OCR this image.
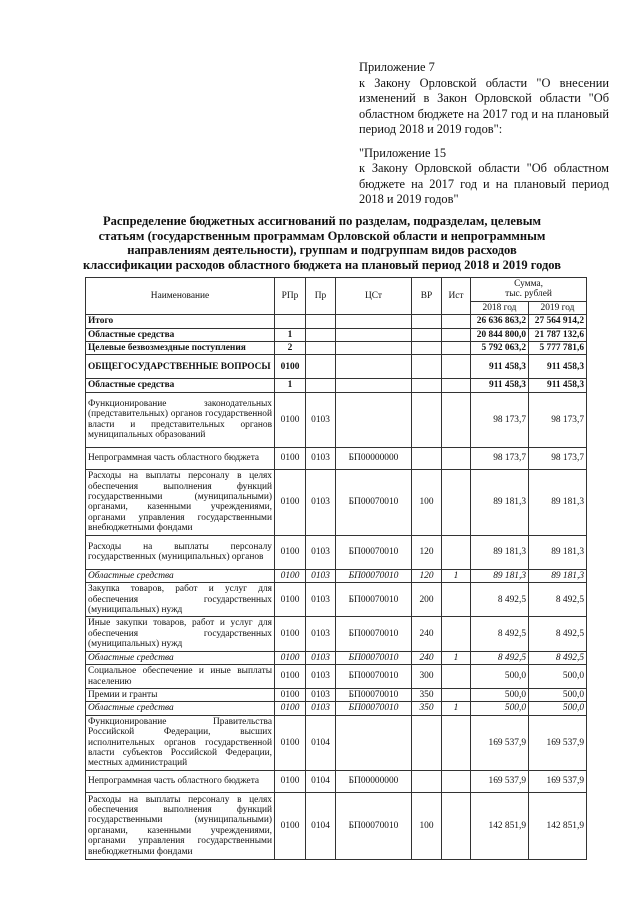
Приложение 7

к Закону Орловской области "О внесении изменений в Закон Орловской области "Об областном бюджете на 2017 год и на плановый период 2018 и 2019 годов":

"Приложение 15

к Закону Орловской области "Об областном бюджете на 2017 год и на плановый период 2018 и 2019 годов"

Распределение бюджетных ассигнований по разделам, подразделам, целевым статьям (государственным программам Орловской области и непрограммным направлениям деятельности), группам и подгруппам видов расходов классификации расходов областного бюджета на плановый период 2018 и 2019 годов
Наименование	РПр	Пр	ЦСт	ВР	Ист	Сумма,
тыс. рублей	
						2018 год	2019 год
Итого						26 636 863,2	27 564 914,2
Областные средства	1					20 844 800,0	21 787 132,6
Целевые безвозмездные поступления	2					5 792 063,2	5 777 781,6
ОБЩЕГОСУДАРСТВЕННЫЕ ВОПРОСЫ	0100					911 458,3	911 458,3
Областные средства	1					911 458,3	911 458,3
Функционирование законодательных (представительных) органов государственной власти и представительных органов муниципальных образований	0100	0103				98 173,7	98 173,7
Непрограммная часть областного бюджета	0100	0103	БП00000000			98 173,7	98 173,7
Расходы на выплаты персоналу в целях обеспечения выполнения функций государственными (муниципальными) органами, казенными учреждениями, органами управления государственными внебюджетными фондами	0100	0103	БП00070010	100		89 181,3	89 181,3
Расходы на выплаты персоналу государственных (муниципальных) органов	0100	0103	БП00070010	120		89 181,3	89 181,3
Областные средства	0100	0103	БП00070010	120	1	89 181,3	89 181,3
Закупка товаров, работ и услуг для обеспечения государственных (муниципальных) нужд	0100	0103	БП00070010	200		8 492,5	8 492,5
Иные закупки товаров, работ и услуг для обеспечения государственных (муниципальных) нужд	0100	0103	БП00070010	240		8 492,5	8 492,5
Областные средства	0100	0103	БП00070010	240	1	8 492,5	8 492,5
Социальное обеспечение и иные выплаты населению	0100	0103	БП00070010	300		500,0	500,0
Премии и гранты	0100	0103	БП00070010	350		500,0	500,0
Областные средства	0100	0103	БП00070010	350	1	500,0	500,0
Функционирование Правительства Российской Федерации, высших исполнительных органов государственной власти субъектов Российской Федерации, местных администраций	0100	0104				169 537,9	169 537,9
Непрограммная часть областного бюджета	0100	0104	БП00000000			169 537,9	169 537,9
Расходы на выплаты персоналу в целях обеспечения выполнения функций государственными (муниципальными) органами, казенными учреждениями, органами управления государственными внебюджетными фондами	0100	0104	БП00070010	100		142 851,9	142 851,9
